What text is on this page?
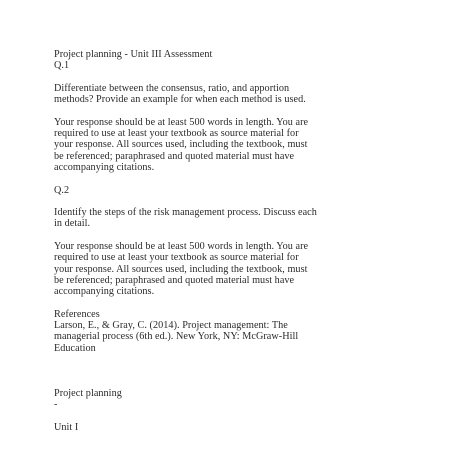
Project planning - Unit III Assessment
Q.1
Differentiate between the consensus, ratio, and apportion
methods? Provide an example for when each method is used.
Your response should be at least 500 words in length. You are
required to use at least your textbook as source material for
your response. All sources used, including the textbook, must
be referenced; paraphrased and quoted material must have
accompanying citations.
Q.2
Identify the steps of the risk management process. Discuss each
in detail.
Your response should be at least 500 words in length. You are
required to use at least your textbook as source material for
your response. All sources used, including the textbook, must
be referenced; paraphrased and quoted material must have
accompanying citations.
References
Larson, E., & Gray, C. (2014). Project management: The
managerial process (6th ed.). New York, NY: McGraw-Hill
Education
Project planning
-
Unit I
